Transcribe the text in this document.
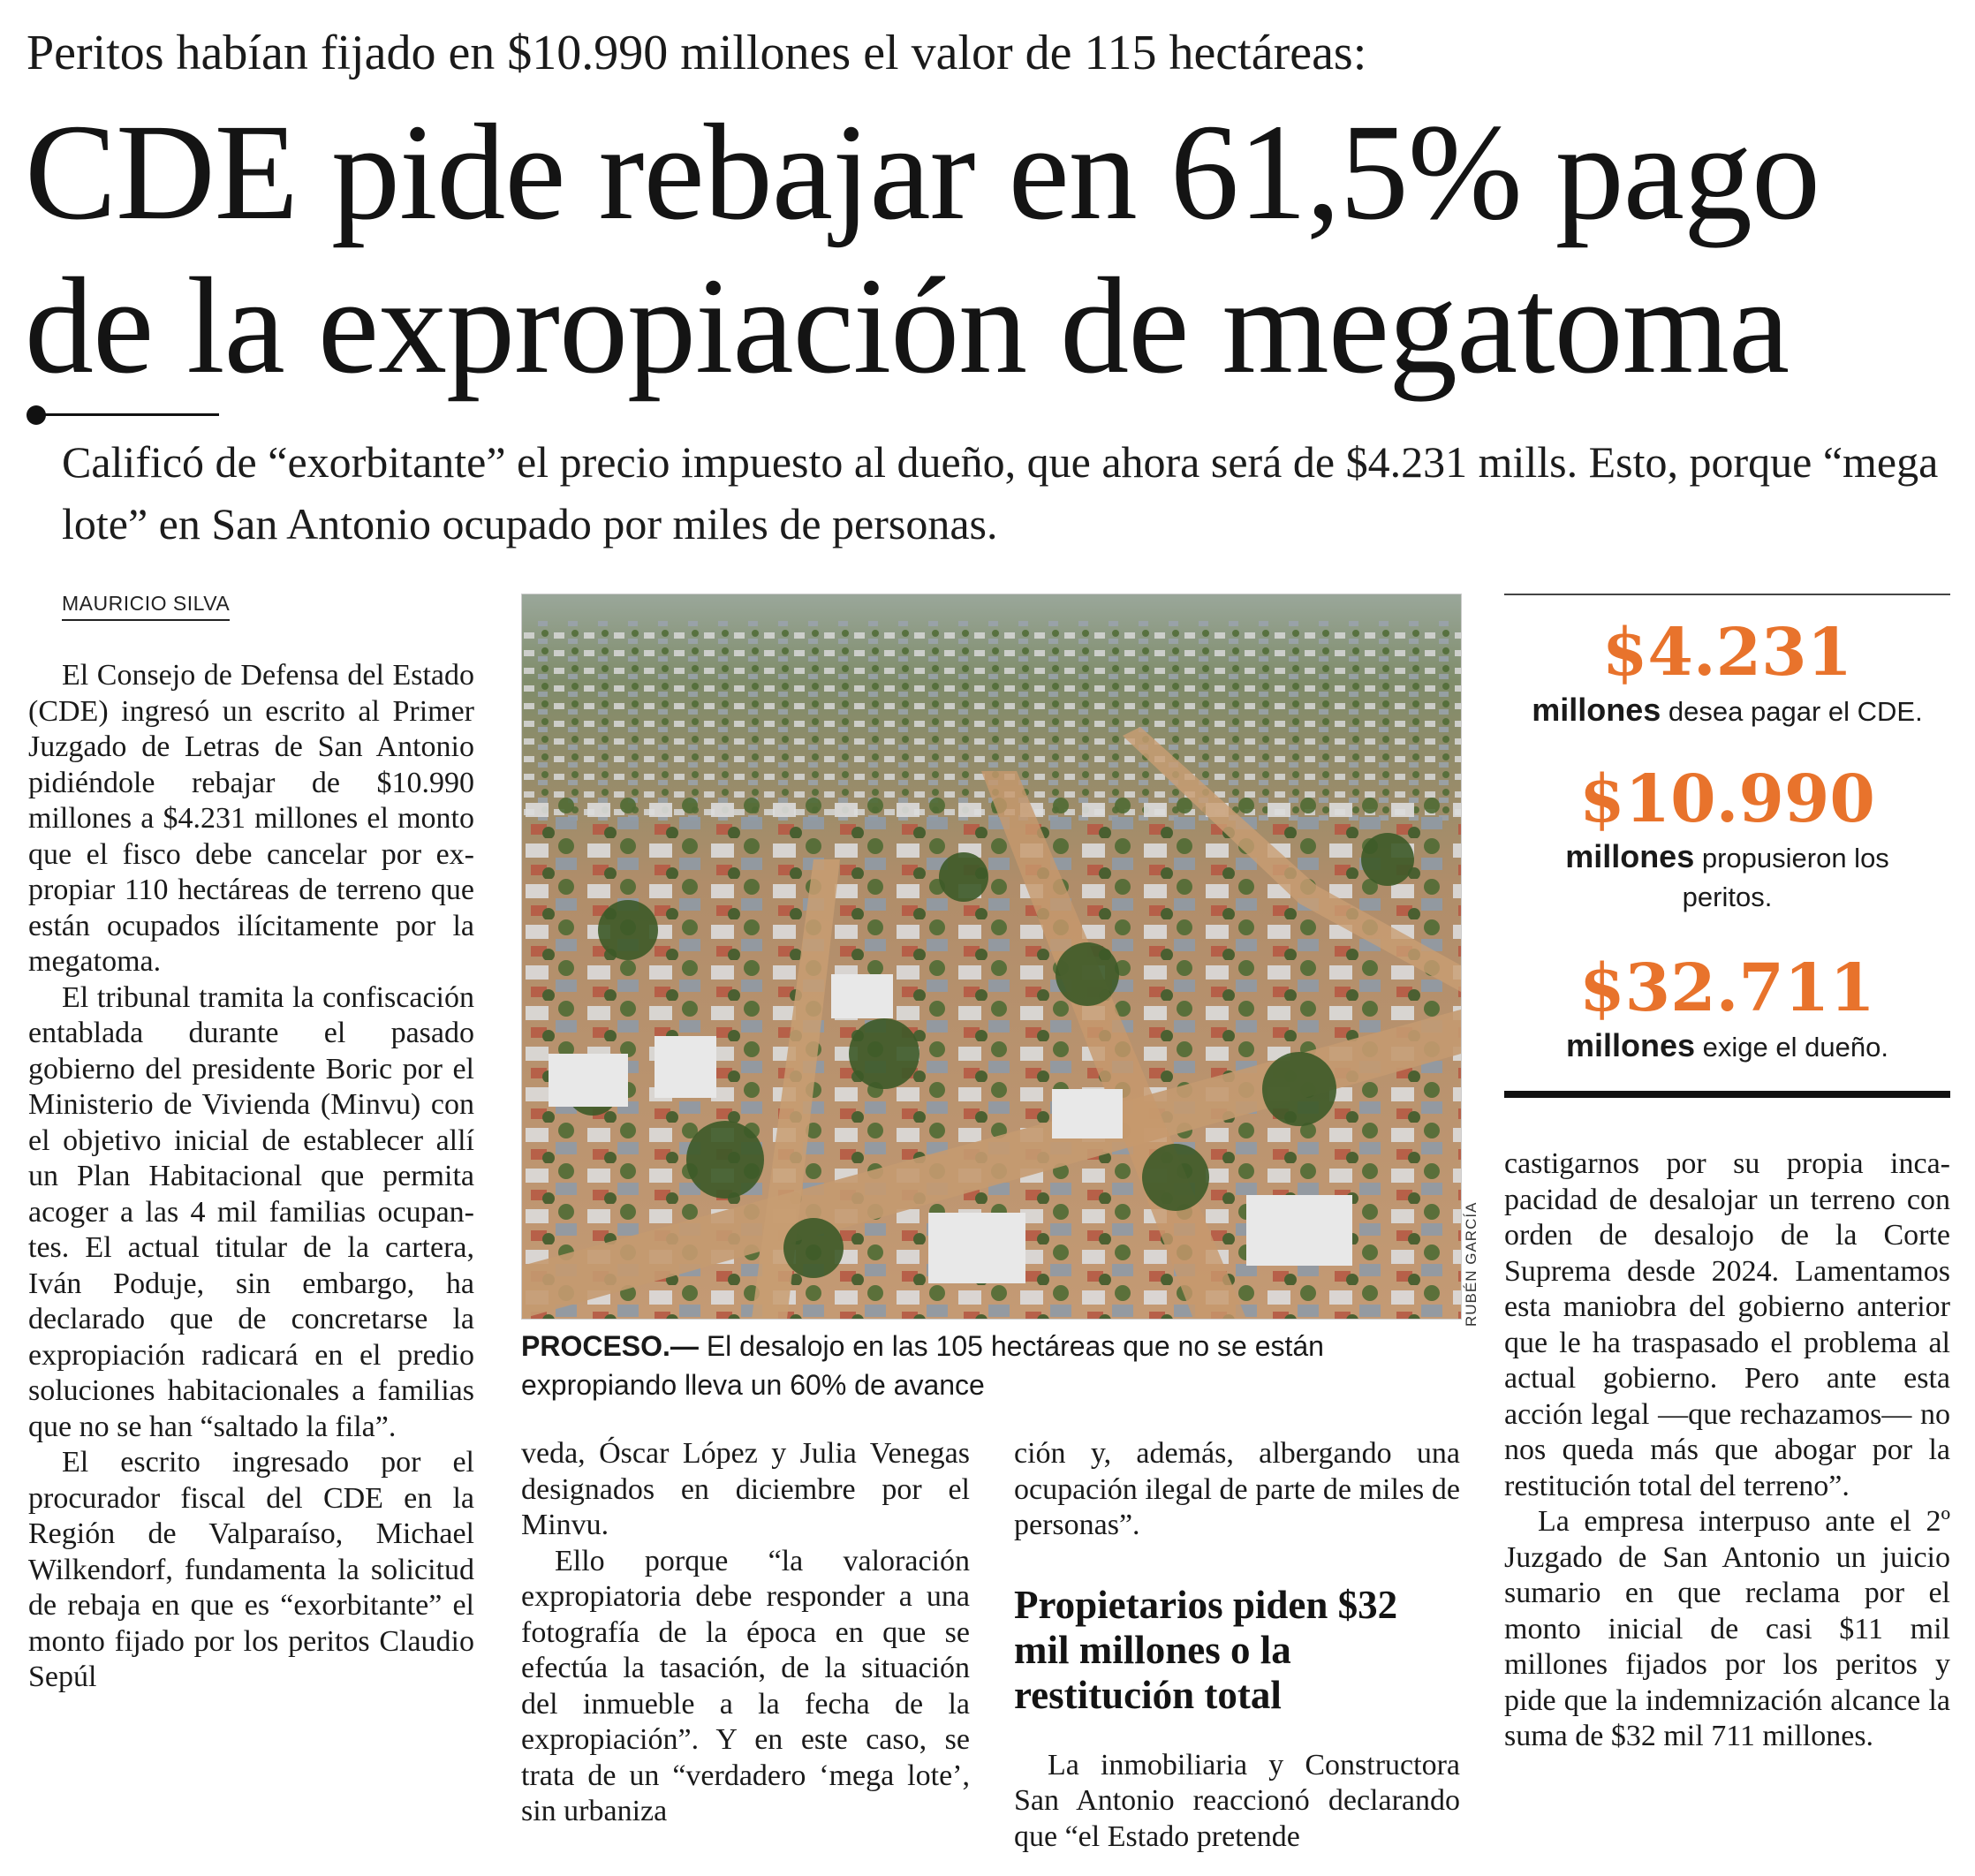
Peritos habían fijado en $10.990 millones el valor de 115 hectáreas:
CDE pide rebajar en 61,5% pago de la expropiación de megatoma
Calificó de “exorbitante” el precio impuesto al dueño, que ahora será de $4.231 mills. Esto, porque “mega lote” en San Antonio ocupado por miles de personas.
MAURICIO SILVA

El Consejo de Defensa del Estado (CDE) ingresó un escrito al Primer Juzgado de Letras de San Antonio pidiéndole rebajar de $10.990 millones a $4.231 millones el monto que el fisco debe cancelar por expropiar 110 hectáreas de terreno que están ocupados ilícitamente por la megatoma.

El tribunal tramita la confiscación entablada durante el pasado gobierno del presidente Boric por el Ministerio de Vivienda (Minvu) con el objetivo inicial de establecer allí un Plan Habitacional que permita acoger a las 4 mil familias ocupantes. El actual titular de la cartera, Iván Poduje, sin embargo, ha declarado que de concretarse la expropiación radicará en el predio soluciones habitacionales a familias que no se han “saltado la fila”.

El escrito ingresado por el procurador fiscal del CDE en la Región de Valparaíso, Michael Wilkendorf, fundamenta la solicitud de rebaja en que es “exorbitante” el monto fijado por los peritos Claudio Sepúl

RUBÉN GARCÍA
PROCESO.— El desalojo en las 105 hectáreas que no se están expropiando lleva un 60% de avance
$4.231
millones desea pagar el CDE.
$10.990
millones propusieron los peritos.
$32.711
millones exige el dueño.

veda, Óscar López y Julia Venegas designados en diciembre por el Minvu.

Ello porque “la valoración expropiatoria debe responder a una fotografía de la época en que se efectúa la tasación, de la situación del inmueble a la fecha de la expropiación”. Y en este caso, se trata de un “verdadero ‘mega lote’, sin urbaniza

ción y, además, albergando una ocupación ilegal de parte de miles de personas”.

Propietarios piden $32 mil millones o la restitución total

La inmobiliaria y Constructora San Antonio reaccionó declarando que “el Estado pretende

castigarnos por su propia incapacidad de desalojar un terreno con orden de desalojo de la Corte Suprema desde 2024. Lamentamos esta maniobra del gobierno anterior que le ha traspasado el problema al actual gobierno. Pero ante esta acción legal —que rechazamos— no nos queda más que abogar por la restitución total del terreno”.

La empresa interpuso ante el 2º Juzgado de San Antonio un juicio sumario en que reclama por el monto inicial de casi $11 mil millones fijados por los peritos y pide que la indemnización alcance la suma de $32 mil 711 millones.
